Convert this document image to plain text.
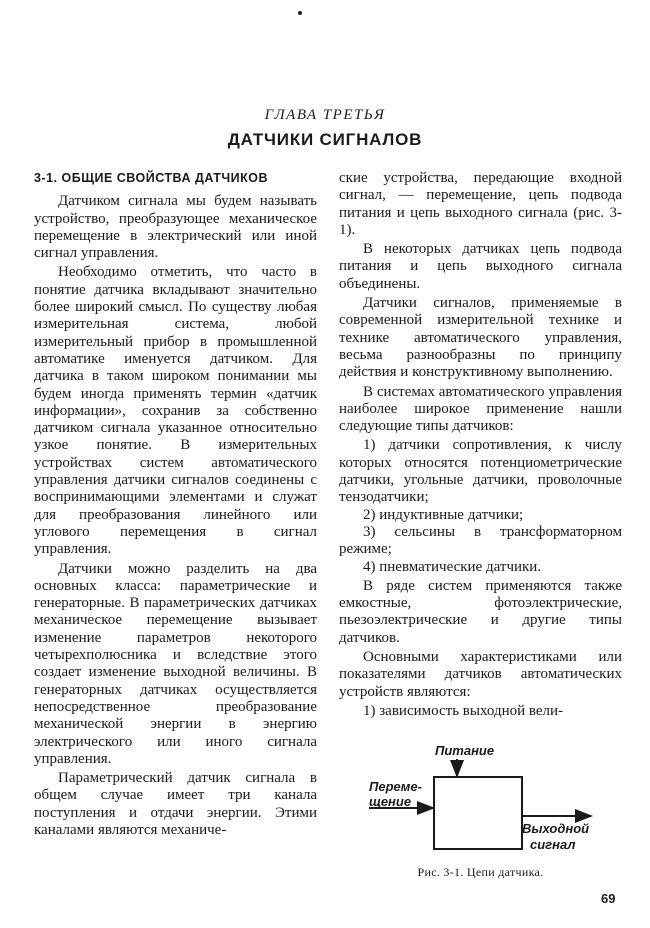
ГЛАВА ТРЕТЬЯ
ДАТЧИКИ СИГНАЛОВ
3-1. ОБЩИЕ СВОЙСТВА ДАТЧИКОВ

Датчиком сигнала мы будем называть устройство, преобразующее механическое перемещение в электрический или иной сигнал управления.

Необходимо отметить, что часто в понятие датчика вкладывают значительно более широкий смысл. По существу любая измерительная система, любой измерительный прибор в промышленной автоматике именуется датчиком. Для датчика в таком широком понимании мы будем иногда применять термин «датчик информации», сохранив за собственно датчиком сигнала указанное относительно узкое понятие. В измерительных устройствах систем автоматического управления датчики сигналов соединены с воспринимающими элементами и служат для преобразования линейного или углового перемещения в сигнал управления.

Датчики можно разделить на два основных класса: параметрические и генераторные. В параметрических датчиках механическое перемещение вызывает изменение параметров некоторого четырехполюсника и вследствие этого создает изменение выходной величины. В генераторных датчиках осуществляется непосредственное преобразование механической энергии в энергию электрического или иного сигнала управления.

Параметрический датчик сигнала в общем случае имеет три канала поступления и отдачи энергии. Этими каналами являются механиче-

ские устройства, передающие входной сигнал, — перемещение, цепь подвода питания и цепь выходного сигнала (рис. 3-1).

В некоторых датчиках цепь подвода питания и цепь выходного сигнала объединены.

Датчики сигналов, применяемые в современной измерительной технике и технике автоматического управления, весьма разнообразны по принципу действия и конструктивному выполнению.

В системах автоматического управления наиболее широкое применение нашли следующие типы датчиков:

1) датчики сопротивления, к числу которых относятся потенциометрические датчики, угольные датчики, проволочные тензодатчики;
2) индуктивные датчики;
3) сельсины в трансформаторном режиме;
4) пневматические датчики.

В ряде систем применяются также емкостные, фотоэлектрические, пьезоэлектрические и другие типы датчиков.

Основными характеристиками или показателями датчиков автоматических устройств являются:

1) зависимость выходной вели-

Питание
Переме-
щение
Выходной
сигнал
Рис. 3-1. Цепи датчика.
69
